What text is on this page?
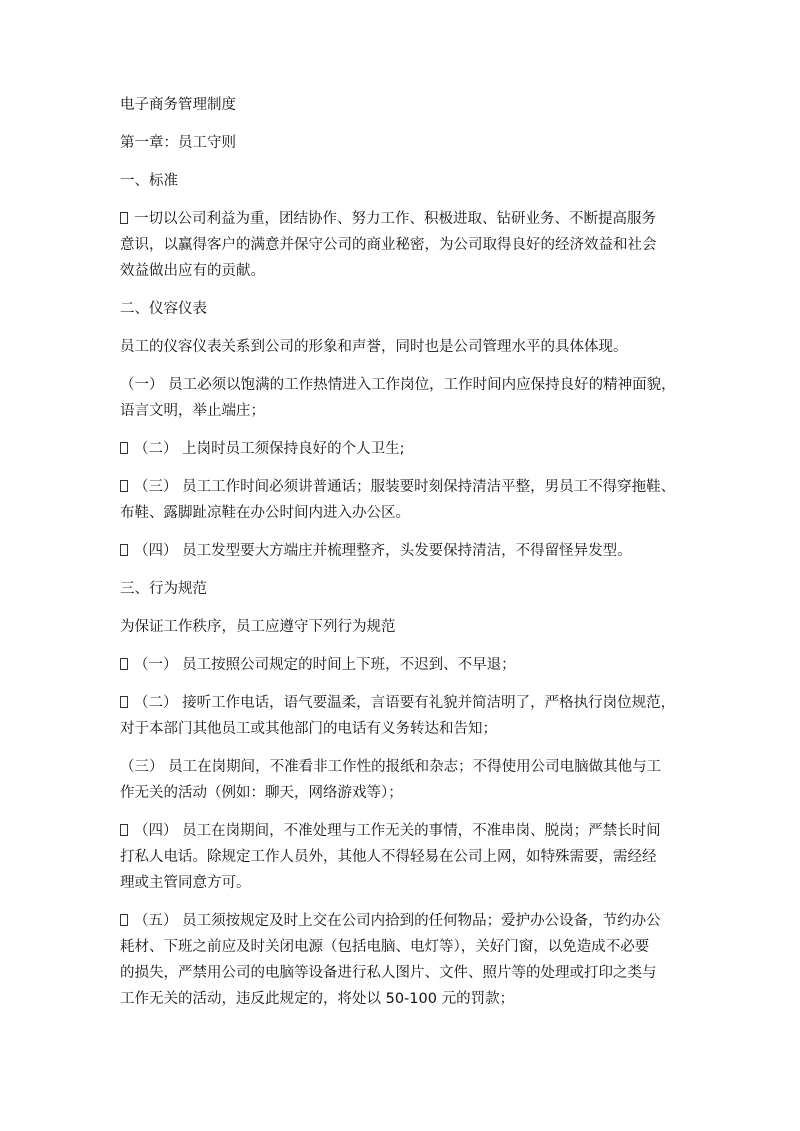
电子商务管理制度

第一章：员工守则

一、标准

一切以公司利益为重，团结协作、努力工作、积极进取、钻研业务、不断提高服务
意识，以赢得客户的满意并保守公司的商业秘密，为公司取得良好的经济效益和社会
效益做出应有的贡献。

二、仪容仪表

员工的仪容仪表关系到公司的形象和声誉，同时也是公司管理水平的具体体现。

（一） 员工必须以饱满的工作热情进入工作岗位，工作时间内应保持良好的精神面貌，
语言文明，举止端庄；

（二） 上岗时员工须保持良好的个人卫生;

（三） 员工工作时间必须讲普通话；服装要时刻保持清洁平整，男员工不得穿拖鞋、
布鞋、露脚趾凉鞋在办公时间内进入办公区。

（四） 员工发型要大方端庄并梳理整齐，头发要保持清洁，不得留怪异发型。

三、行为规范

为保证工作秩序，员工应遵守下列行为规范

（一） 员工按照公司规定的时间上下班，不迟到、不早退；

（二） 接听工作电话，语气要温柔，言语要有礼貌并简洁明了，严格执行岗位规范，
对于本部门其他员工或其他部门的电话有义务转达和告知；

（三） 员工在岗期间，不准看非工作性的报纸和杂志；不得使用公司电脑做其他与工
作无关的活动（例如：聊天，网络游戏等）；

（四） 员工在岗期间，不准处理与工作无关的事情，不准串岗、脱岗；严禁长时间
打私人电话。除规定工作人员外，其他人不得轻易在公司上网，如特殊需要，需经经
理或主管同意方可。

（五） 员工须按规定及时上交在公司内拾到的任何物品；爱护办公设备，节约办公
耗材、下班之前应及时关闭电源（包括电脑、电灯等），关好门窗，以免造成不必要
的损失，严禁用公司的电脑等设备进行私人图片、文件、照片等的处理或打印之类与
工作无关的活动，违反此规定的，将处以 50-100 元的罚款；
